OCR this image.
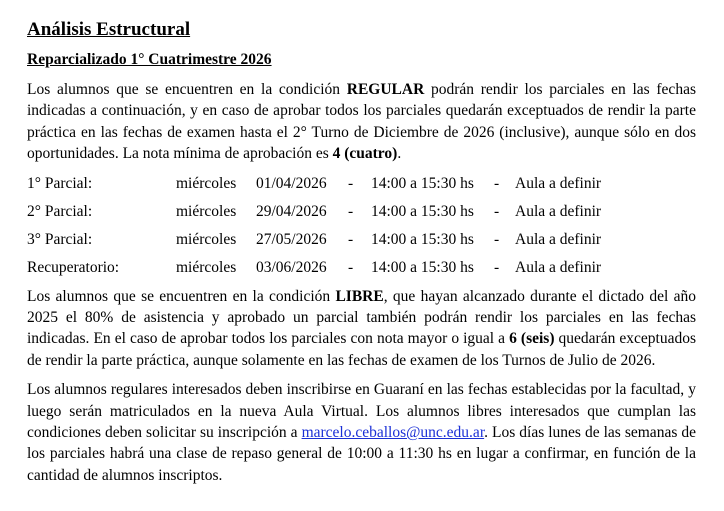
Análisis Estructural
Reparcializado 1° Cuatrimestre 2026

Los alumnos que se encuentren en la condición REGULAR podrán rendir los parciales en las fechas indicadas a continuación, y en caso de aprobar todos los parciales quedarán exceptuados de rendir la parte práctica en las fechas de examen hasta el 2° Turno de Diciembre de 2026 (inclusive), aunque sólo en dos oportunidades. La nota mínima de aprobación es 4 (cuatro).

1° Parcial:	miércoles	01/04/2026	-	14:00 a 15:30 hs	-	Aula a definir
2° Parcial:	miércoles	29/04/2026	-	14:00 a 15:30 hs	-	Aula a definir
3° Parcial:	miércoles	27/05/2026	-	14:00 a 15:30 hs	-	Aula a definir
Recuperatorio:	miércoles	03/06/2026	-	14:00 a 15:30 hs	-	Aula a definir

Los alumnos que se encuentren en la condición LIBRE, que hayan alcanzado durante el dictado del año 2025 el 80% de asistencia y aprobado un parcial también podrán rendir los parciales en las fechas indicadas. En el caso de aprobar todos los parciales con nota mayor o igual a 6 (seis) quedarán exceptuados de rendir la parte práctica, aunque solamente en las fechas de examen de los Turnos de Julio de 2026.

Los alumnos regulares interesados deben inscribirse en Guaraní en las fechas establecidas por la facultad, y luego serán matriculados en la nueva Aula Virtual. Los alumnos libres interesados que cumplan las condiciones deben solicitar su inscripción a marcelo.ceballos@unc.edu.ar. Los días lunes de las semanas de los parciales habrá una clase de repaso general de 10:00 a 11:30 hs en lugar a confirmar, en función de la cantidad de alumnos inscriptos.
